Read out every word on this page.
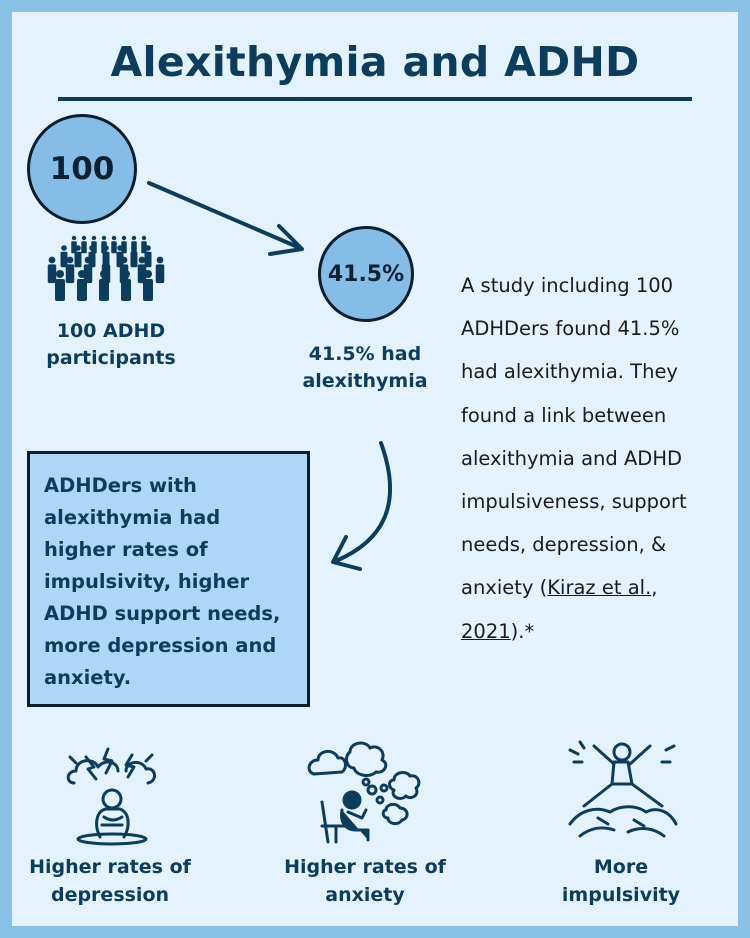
Alexithymia and ADHD
100
100 ADHD
participants
41.5%
41.5% had
alexithymia

A study including 100
ADHDers found 41.5%
had alexithymia. They
found a link between
alexithymia and ADHD
impulsiveness, support
needs, depression, &
anxiety (Kiraz et al.,
2021).*

ADHDers with
alexithymia had
higher rates of
impulsivity, higher
ADHD support needs,
more depression and
anxiety.

Higher rates of
depression
Higher rates of
anxiety
More
impulsivity
